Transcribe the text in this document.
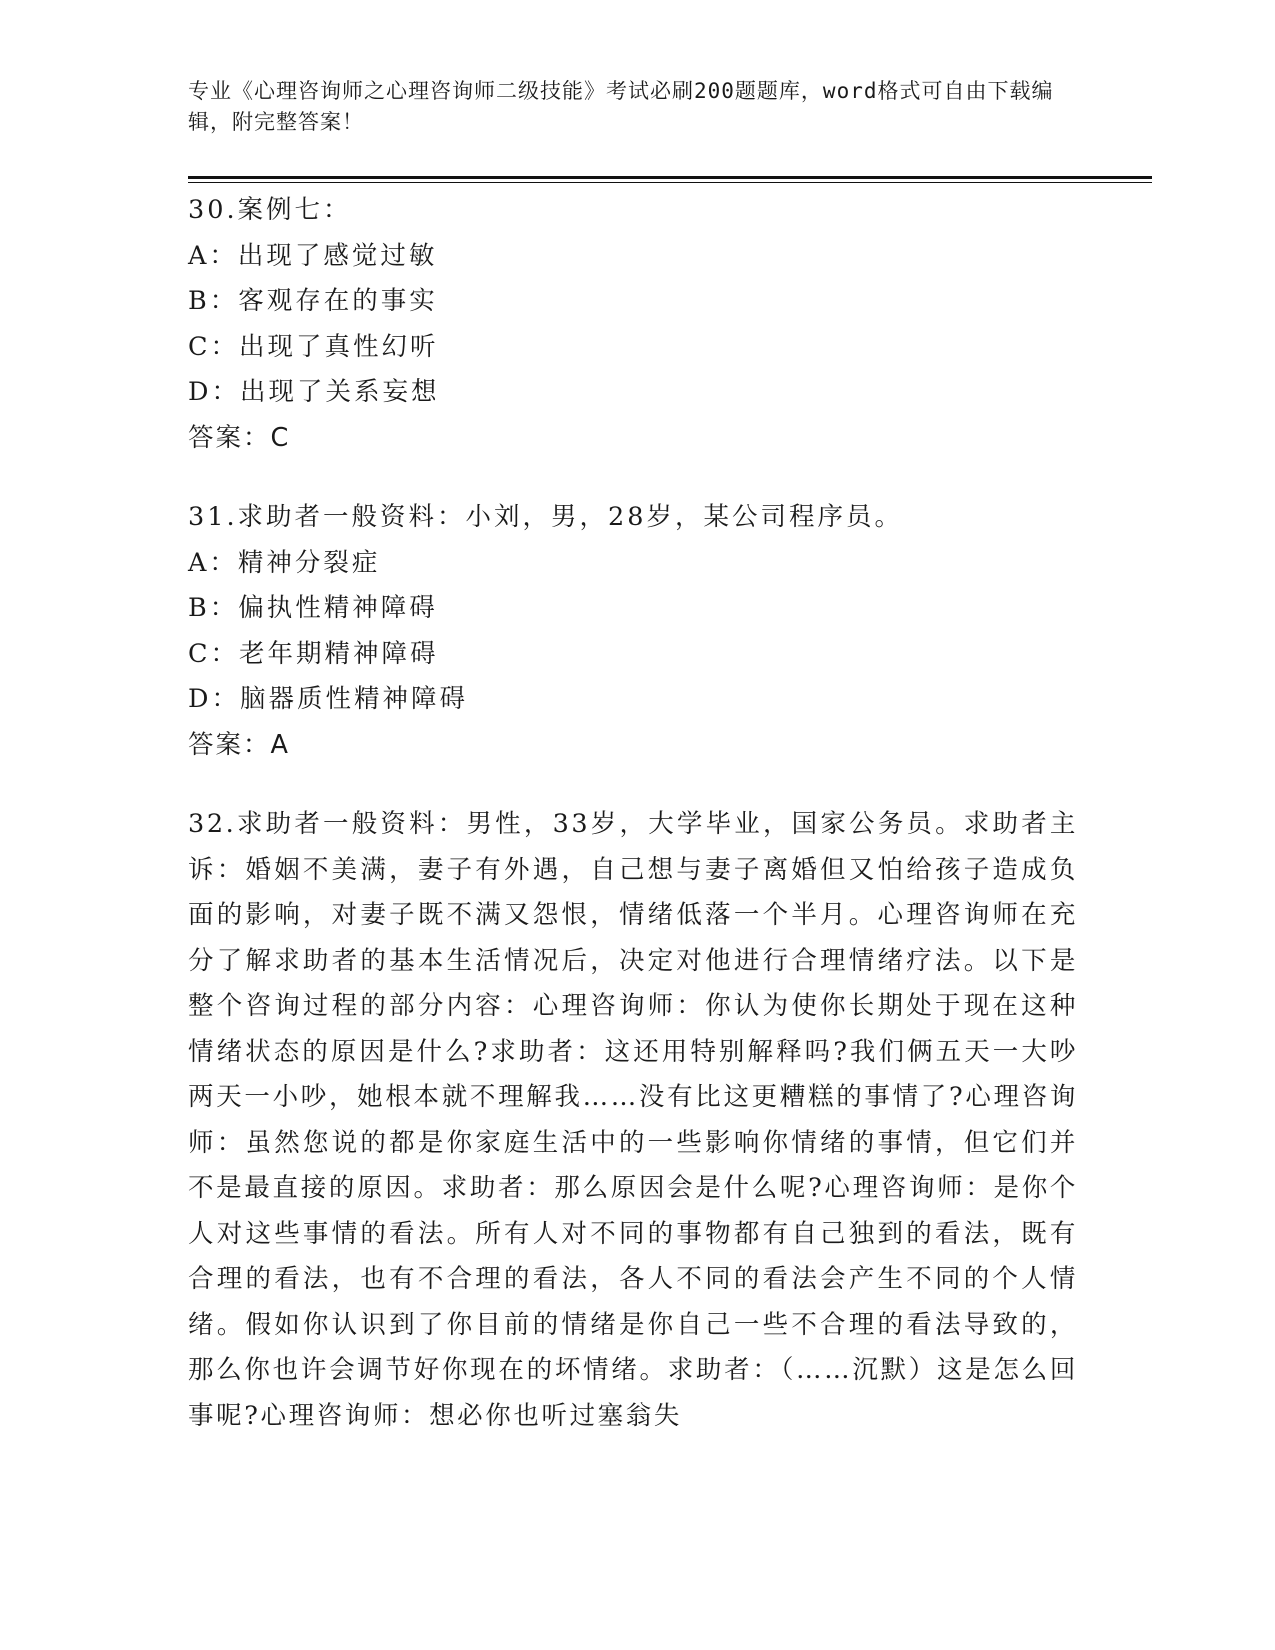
专业《心理咨询师之心理咨询师二级技能》考试必刷200题题库，word格式可自由下载编辑，附完整答案！
30.案例七：
A：出现了感觉过敏
B：客观存在的事实
C：出现了真性幻听
D：出现了关系妄想
答案：C
31.求助者一般资料：小刘，男，28岁，某公司程序员。
A：精神分裂症
B：偏执性精神障碍
C：老年期精神障碍
D：脑器质性精神障碍
答案：A
32.求助者一般资料：男性，33岁，大学毕业，国家公务员。求助者主诉：婚姻不美满，妻子有外遇，自己想与妻子离婚但又怕给孩子造成负面的影响，对妻子既不满又怨恨，情绪低落一个半月。心理咨询师在充分了解求助者的基本生活情况后，决定对他进行合理情绪疗法。以下是整个咨询过程的部分内容：心理咨询师：你认为使你长期处于现在这种情绪状态的原因是什么?求助者：这还用特别解释吗?我们俩五天一大吵两天一小吵，她根本就不理解我……没有比这更糟糕的事情了?心理咨询师：虽然您说的都是你家庭生活中的一些影响你情绪的事情，但它们并不是最直接的原因。求助者：那么原因会是什么呢?心理咨询师：是你个人对这些事情的看法。所有人对不同的事物都有自己独到的看法，既有合理的看法，也有不合理的看法，各人不同的看法会产生不同的个人情绪。假如你认识到了你目前的情绪是你自己一些不合理的看法导致的，那么你也许会调节好你现在的坏情绪。求助者：（……沉默）这是怎么回事呢?心理咨询师：想必你也听过塞翁失
